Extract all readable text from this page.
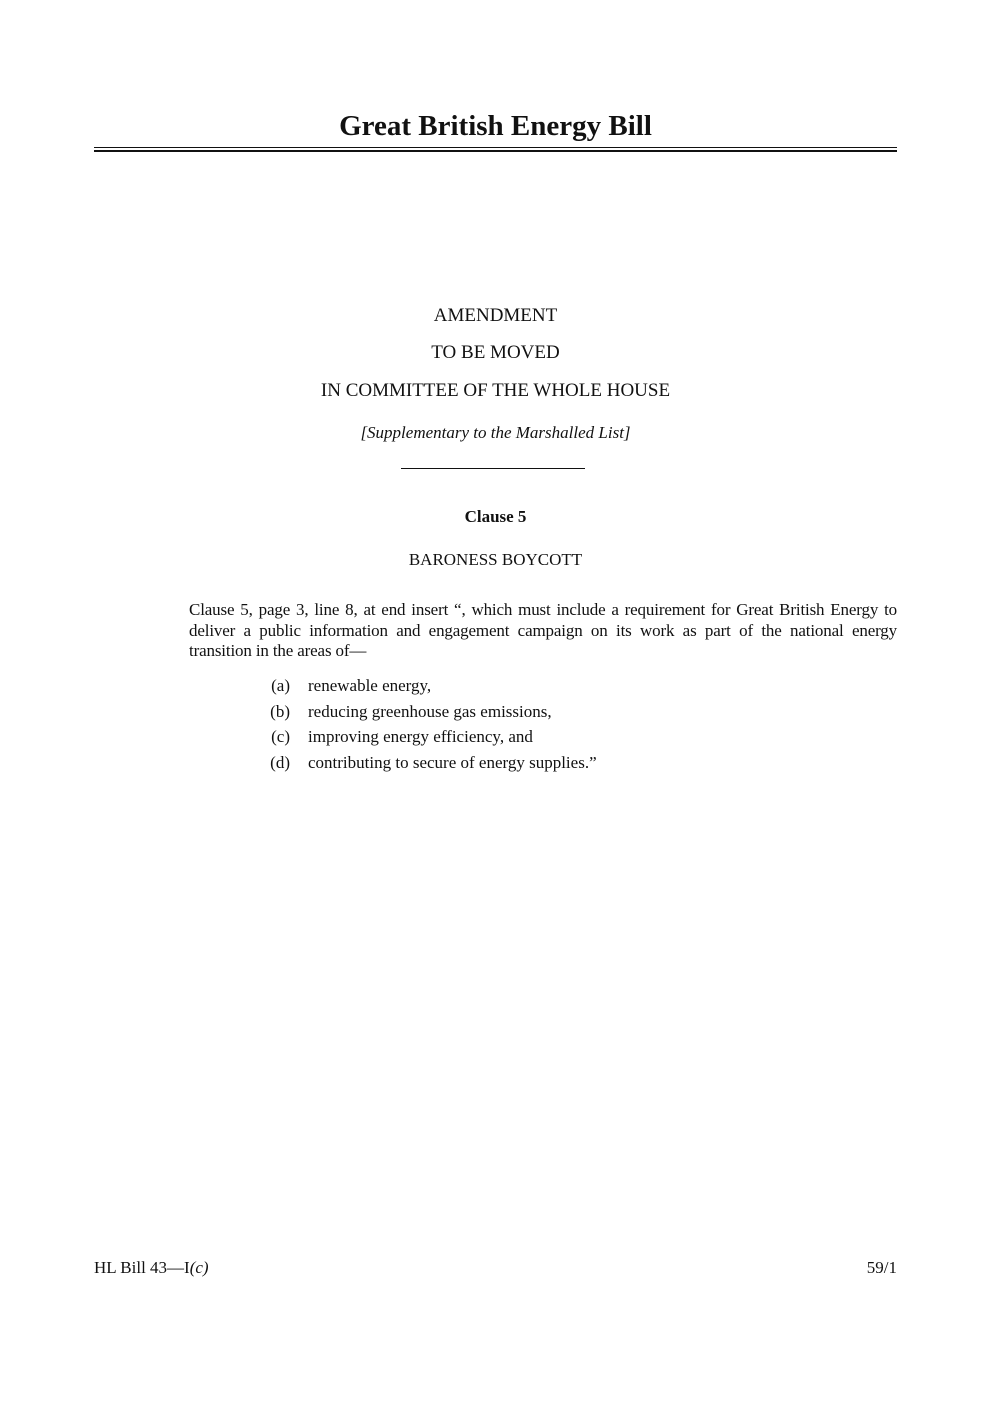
Great British Energy Bill
AMENDMENT
TO BE MOVED
IN COMMITTEE OF THE WHOLE HOUSE
[Supplementary to the Marshalled List]
Clause 5
BARONESS BOYCOTT
Clause 5, page 3, line 8, at end insert “, which must include a requirement for Great British Energy to deliver a public information and engagement campaign on its work as part of the national energy transition in the areas of—
(a)	renewable energy,
(b)	reducing greenhouse gas emissions,
(c)	improving energy efficiency, and
(d)	contributing to secure of energy supplies.”
HL Bill 43—I(c)	59/1
